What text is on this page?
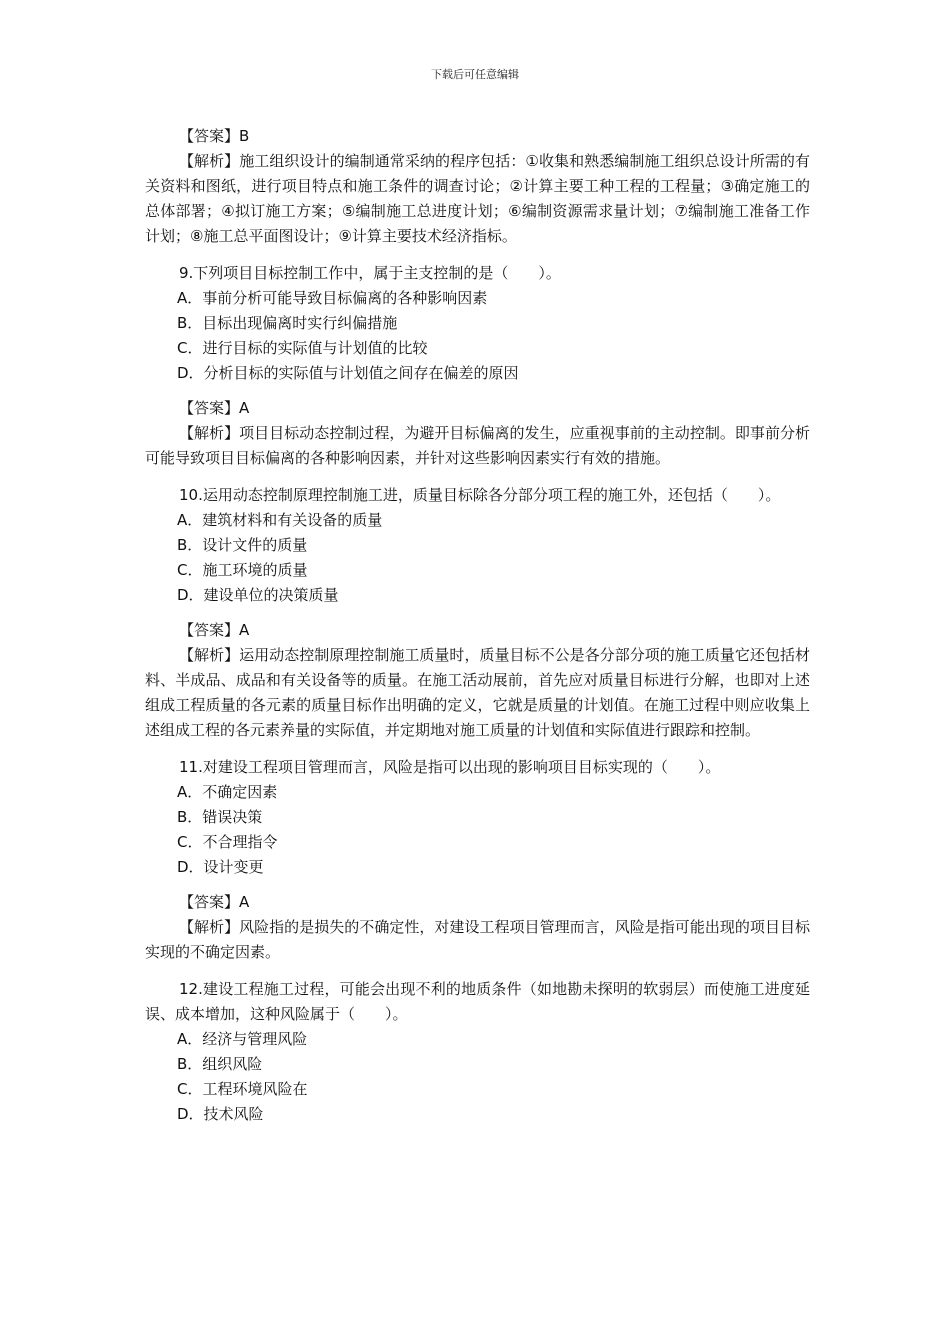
下载后可任意编辑
【答案】B
【解析】施工组织设计的编制通常采纳的程序包括：①收集和熟悉编制施工组织总设计所需的有关资料和图纸，进行项目特点和施工条件的调查讨论；②计算主要工种工程的工程量；③确定施工的总体部署；④拟订施工方案；⑤编制施工总进度计划；⑥编制资源需求量计划；⑦编制施工准备工作计划；⑧施工总平面图设计；⑨计算主要技术经济指标。
9.下列项目目标控制工作中，属于主支控制的是（　　）。
A．事前分析可能导致目标偏离的各种影响因素
B．目标出现偏离时实行纠偏措施
C．进行目标的实际值与计划值的比较
D．分析目标的实际值与计划值之间存在偏差的原因
【答案】A
【解析】项目目标动态控制过程，为避开目标偏离的发生，应重视事前的主动控制。即事前分析可能导致项目目标偏离的各种影响因素，并针对这些影响因素实行有效的措施。
10.运用动态控制原理控制施工进，质量目标除各分部分项工程的施工外，还包括（　　）。
A．建筑材料和有关设备的质量
B．设计文件的质量
C．施工环境的质量
D．建设单位的决策质量
【答案】A
【解析】运用动态控制原理控制施工质量时，质量目标不公是各分部分项的施工质量它还包括材料、半成品、成品和有关设备等的质量。在施工活动展前，首先应对质量目标进行分解，也即对上述组成工程质量的各元素的质量目标作出明确的定义，它就是质量的计划值。在施工过程中则应收集上述组成工程的各元素养量的实际值，并定期地对施工质量的计划值和实际值进行跟踪和控制。
11.对建设工程项目管理而言，风险是指可以出现的影响项目目标实现的（　　）。
A．不确定因素
B．错误决策
C．不合理指令
D．设计变更
【答案】A
【解析】风险指的是损失的不确定性，对建设工程项目管理而言，风险是指可能出现的项目目标实现的不确定因素。
12.建设工程施工过程，可能会出现不利的地质条件（如地勘未探明的软弱层）而使施工进度延误、成本增加，这种风险属于（　　）。
A．经济与管理风险
B．组织风险
C．工程环境风险在
D．技术风险
